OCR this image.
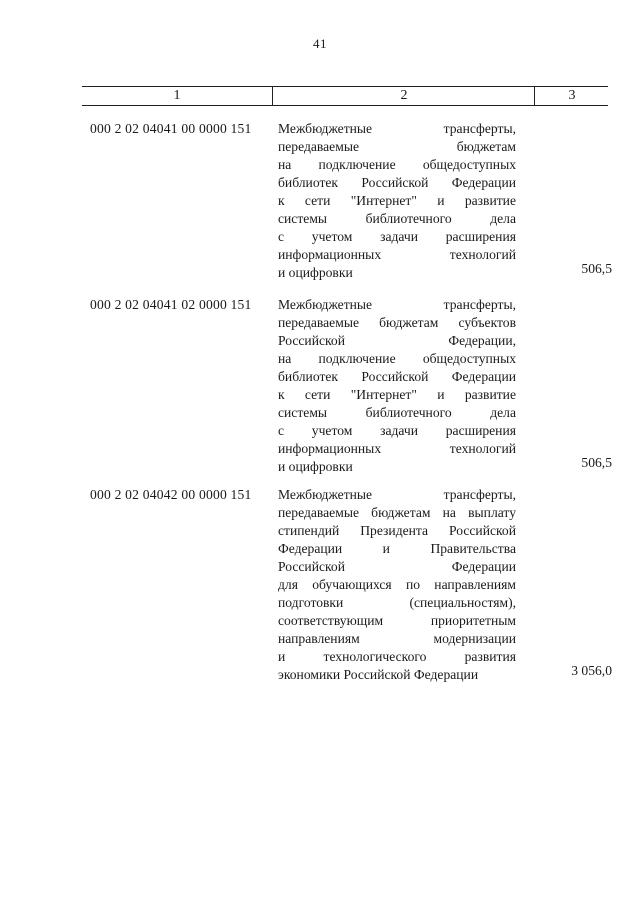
41
1	2	3
000 2 02 04041 00 0000 151	Межбюджетные трансферты,
передаваемые бюджетам
на подключение общедоступных
библиотек Российской Федерации
к сети "Интернет" и развитие
системы библиотечного дела
с учетом задачи расширения
информационных технологий
и оцифровки	506,5
000 2 02 04041 02 0000 151	Межбюджетные трансферты,
передаваемые бюджетам субъектов
Российской Федерации,
на подключение общедоступных
библиотек Российской Федерации
к сети "Интернет" и развитие
системы библиотечного дела
с учетом задачи расширения
информационных технологий
и оцифровки	506,5
000 2 02 04042 00 0000 151	Межбюджетные трансферты,
передаваемые бюджетам на выплату
стипендий Президента Российской
Федерации и Правительства
Российской Федерации
для обучающихся по направлениям
подготовки (специальностям),
соответствующим приоритетным
направлениям модернизации
и технологического развития
экономики Российской Федерации	3 056,0
